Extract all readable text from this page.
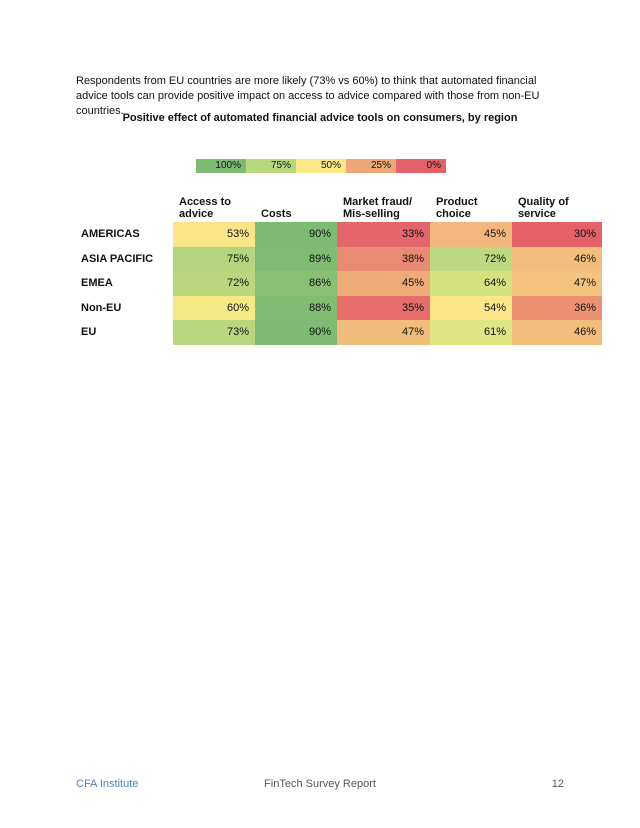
Respondents from EU countries are more likely (73% vs 60%) to think that automated financial advice tools can provide positive impact on access to advice compared with those from non-EU countries.
Positive effect of automated financial advice tools on consumers, by region
100%	75%	50%	25%	0%
	Access to advice	Costs	Market fraud/ Mis-selling	Product choice	Quality of service
AMERICAS	53%	90%	33%	45%	30%
ASIA PACIFIC	75%	89%	38%	72%	46%
EMEA	72%	86%	45%	64%	47%
Non-EU	60%	88%	35%	54%	36%
EU	73%	90%	47%	61%	46%
CFA Institute	FinTech Survey Report	12
